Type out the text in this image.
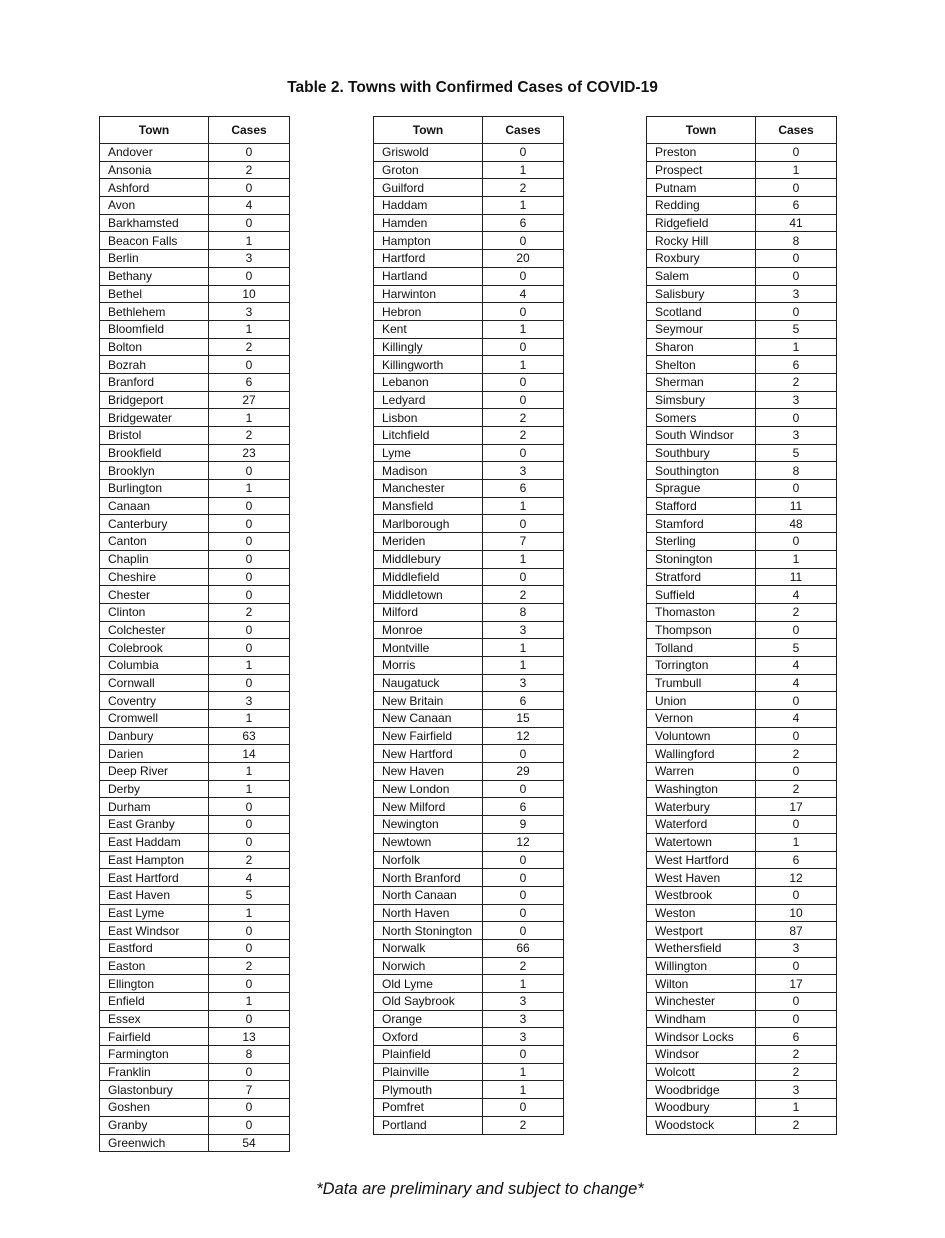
Table 2. Towns with Confirmed Cases of COVID-19
Town	Cases
Andover	0
Ansonia	2
Ashford	0
Avon	4
Barkhamsted	0
Beacon Falls	1
Berlin	3
Bethany	0
Bethel	10
Bethlehem	3
Bloomfield	1
Bolton	2
Bozrah	0
Branford	6
Bridgeport	27
Bridgewater	1
Bristol	2
Brookfield	23
Brooklyn	0
Burlington	1
Canaan	0
Canterbury	0
Canton	0
Chaplin	0
Cheshire	0
Chester	0
Clinton	2
Colchester	0
Colebrook	0
Columbia	1
Cornwall	0
Coventry	3
Cromwell	1
Danbury	63
Darien	14
Deep River	1
Derby	1
Durham	0
East Granby	0
East Haddam	0
East Hampton	2
East Hartford	4
East Haven	5
East Lyme	1
East Windsor	0
Eastford	0
Easton	2
Ellington	0
Enfield	1
Essex	0
Fairfield	13
Farmington	8
Franklin	0
Glastonbury	7
Goshen	0
Granby	0
Greenwich	54
Town	Cases
Griswold	0
Groton	1
Guilford	2
Haddam	1
Hamden	6
Hampton	0
Hartford	20
Hartland	0
Harwinton	4
Hebron	0
Kent	1
Killingly	0
Killingworth	1
Lebanon	0
Ledyard	0
Lisbon	2
Litchfield	2
Lyme	0
Madison	3
Manchester	6
Mansfield	1
Marlborough	0
Meriden	7
Middlebury	1
Middlefield	0
Middletown	2
Milford	8
Monroe	3
Montville	1
Morris	1
Naugatuck	3
New Britain	6
New Canaan	15
New Fairfield	12
New Hartford	0
New Haven	29
New London	0
New Milford	6
Newington	9
Newtown	12
Norfolk	0
North Branford	0
North Canaan	0
North Haven	0
North Stonington	0
Norwalk	66
Norwich	2
Old Lyme	1
Old Saybrook	3
Orange	3
Oxford	3
Plainfield	0
Plainville	1
Plymouth	1
Pomfret	0
Portland	2
Town	Cases
Preston	0
Prospect	1
Putnam	0
Redding	6
Ridgefield	41
Rocky Hill	8
Roxbury	0
Salem	0
Salisbury	3
Scotland	0
Seymour	5
Sharon	1
Shelton	6
Sherman	2
Simsbury	3
Somers	0
South Windsor	3
Southbury	5
Southington	8
Sprague	0
Stafford	11
Stamford	48
Sterling	0
Stonington	1
Stratford	11
Suffield	4
Thomaston	2
Thompson	0
Tolland	5
Torrington	4
Trumbull	4
Union	0
Vernon	4
Voluntown	0
Wallingford	2
Warren	0
Washington	2
Waterbury	17
Waterford	0
Watertown	1
West Hartford	6
West Haven	12
Westbrook	0
Weston	10
Westport	87
Wethersfield	3
Willington	0
Wilton	17
Winchester	0
Windham	0
Windsor Locks	6
Windsor	2
Wolcott	2
Woodbridge	3
Woodbury	1
Woodstock	2
*Data are preliminary and subject to change*
